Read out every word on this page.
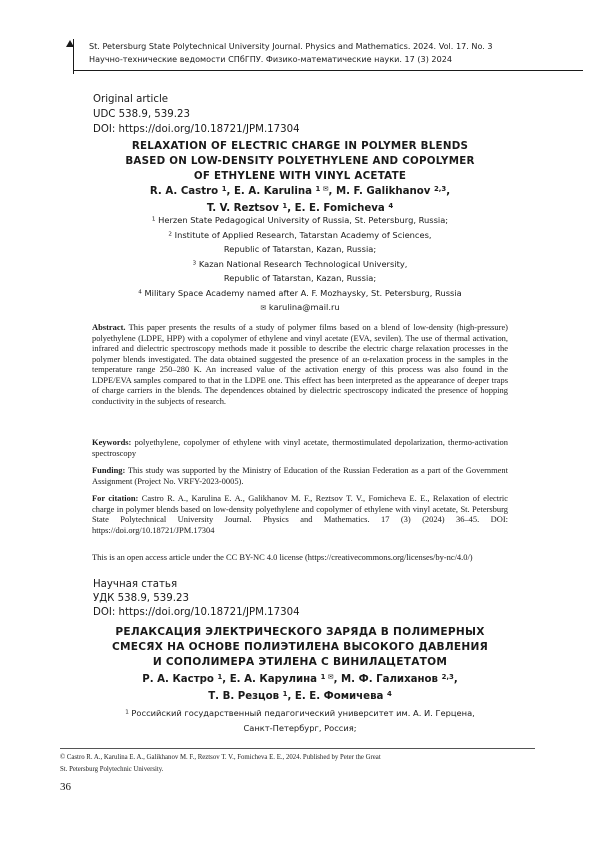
St. Petersburg State Polytechnical University Journal. Physics and Mathematics. 2024. Vol. 17. No. 3
Научно-технические ведомости СПбГПУ. Физико-математические науки. 17 (3) 2024
Original article
UDC 538.9, 539.23
DOI: https://doi.org/10.18721/JPM.17304
RELAXATION OF ELECTRIC CHARGE IN POLYMER BLENDS
BASED ON LOW-DENSITY POLYETHYLENE AND COPOLYMER
OF ETHYLENE WITH VINYL ACETATE
R. A. Castro $^1$, E. A. Karulina $^{1 ✉}$, M. F. Galikhanov $^{2,3}$,
T. V. Reztsov $^1$, E. E. Fomicheva $^4$
$^1$ Herzen State Pedagogical University of Russia, St. Petersburg, Russia;
$^2$ Institute of Applied Research, Tatarstan Academy of Sciences,
Republic of Tatarstan, Kazan, Russia;
$^3$ Kazan National Research Technological University,
Republic of Tatarstan, Kazan, Russia;
$^4$ Military Space Academy named after A. F. Mozhaysky, St. Petersburg, Russia
✉ karulina@mail.ru

Abstract. This paper presents the results of a study of polymer films based on a blend of low-density (high-pressure) polyethylene (LDPE, HPP) with a copolymer of ethylene and vinyl acetate (EVA, sevilen). The use of thermal activation, infrared and dielectric spectroscopy methods made it possible to describe the electric charge relaxation processes in the polymer blends investigated. The data obtained suggested the presence of an α-relaxation process in the samples in the temperature range 250–280 K. An increased value of the activation energy of this process was also found in the LDPE/EVA samples compared to that in the LDPE one. This effect has been interpreted as the appearance of deeper traps of charge carriers in the blends. The dependences obtained by dielectric spectroscopy indicated the presence of hopping conductivity in the subjects of research.

Keywords: polyethylene, copolymer of ethylene with vinyl acetate, thermostimulated depolarization, thermo-activation spectroscopy

Funding: This study was supported by the Ministry of Education of the Russian Federation as a part of the Government Assignment (Project No. VRFY-2023-0005).

For citation: Castro R. A., Karulina E. A., Galikhanov M. F., Reztsov T. V., Fomicheva E. E., Relaxation of electric charge in polymer blends based on low-density polyethylene and copolymer of ethylene with vinyl acetate, St. Petersburg State Polytechnical University Journal. Physics and Mathematics. 17 (3) (2024) 36–45. DOI: https://doi.org/10.18721/JPM.17304

This is an open access article under the CC BY-NC 4.0 license (https://creativecommons.org/licenses/by-nc/4.0/)

Научная статья
УДК 538.9, 539.23
DOI: https://doi.org/10.18721/JPM.17304
РЕЛАКСАЦИЯ ЭЛЕКТРИЧЕСКОГО ЗАРЯДА В ПОЛИМЕРНЫХ
СМЕСЯХ НА ОСНОВЕ ПОЛИЭТИЛЕНА ВЫСОКОГО ДАВЛЕНИЯ
И СОПОЛИМЕРА ЭТИЛЕНА С ВИНИЛАЦЕТАТОМ
Р. А. Кастро $^1$, Е. А. Карулина $^{1 ✉}$, М. Ф. Галиханов $^{2,3}$,
Т. В. Резцов $^1$, Е. Е. Фомичева $^4$
$^1$ Российский государственный педагогический университет им. А. И. Герцена,
Санкт-Петербург, Россия;
© Castro R. A., Karulina E. A., Galikhanov M. F., Reztsov T. V., Fomicheva E. E., 2024. Published by Peter the Great
St. Petersburg Polytechnic University.
36
